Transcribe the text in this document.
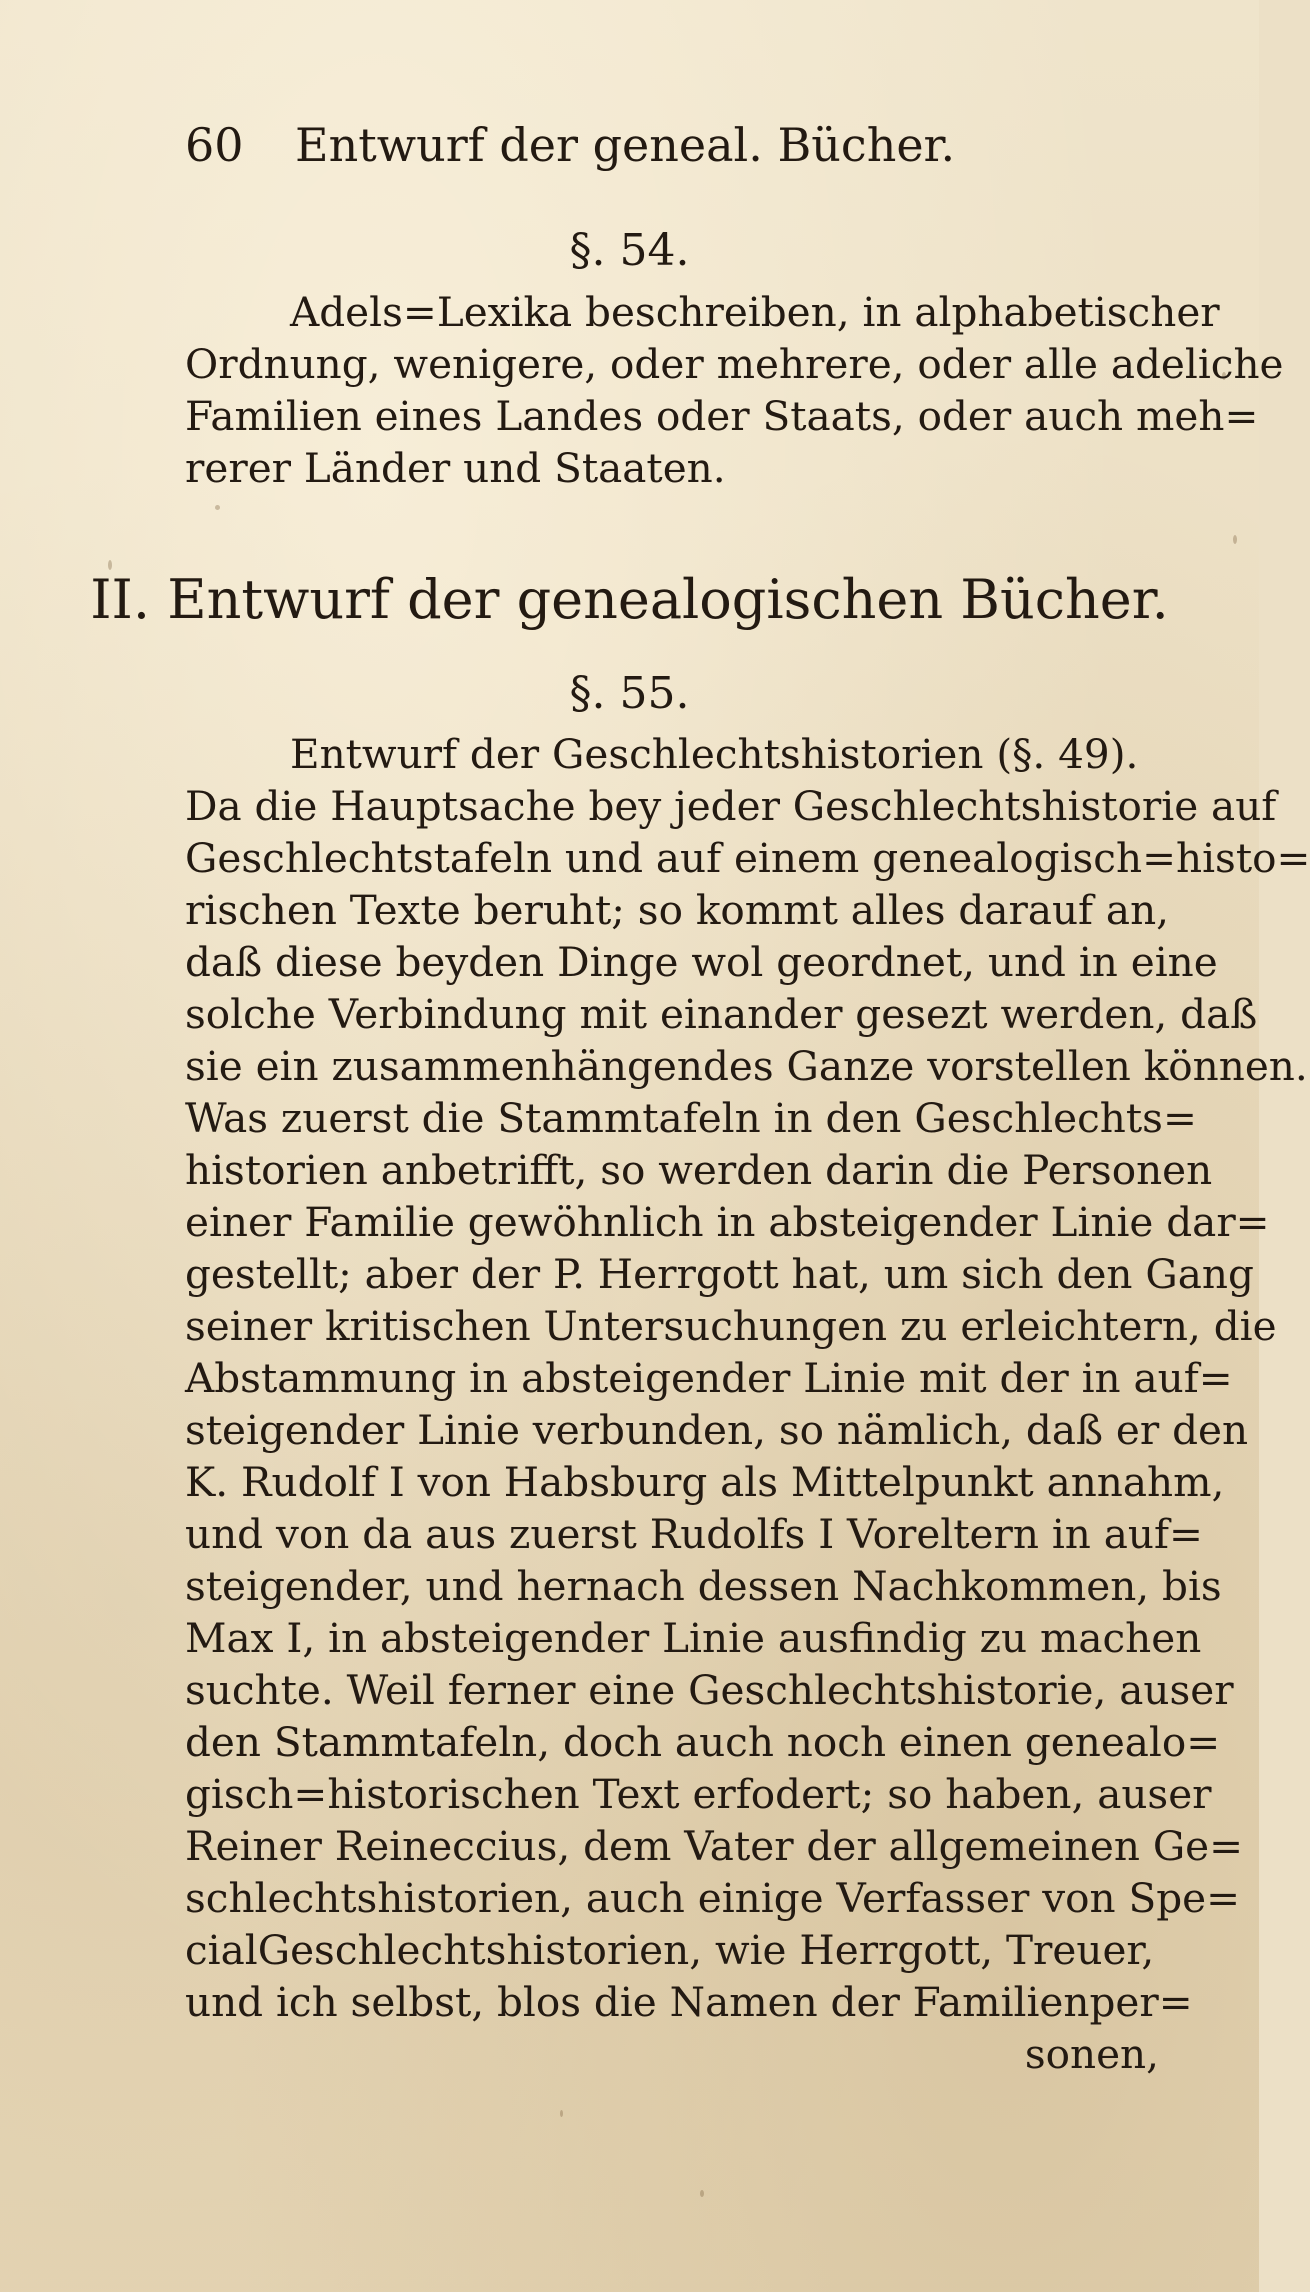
60 Entwurf der geneal. Bücher.
§. 54.
Adels=Lexika beschreiben, in alphabetischer
Ordnung, wenigere, oder mehrere, oder alle adeliche
Familien eines Landes oder Staats, oder auch meh=
rerer Länder und Staaten.
II. Entwurf der genealogischen Bücher.
§. 55.
Entwurf der Geschlechtshistorien (§. 49).
Da die Hauptsache bey jeder Geschlechtshistorie auf
Geschlechtstafeln und auf einem genealogisch=histo=
rischen Texte beruht; so kommt alles darauf an,
daß diese beyden Dinge wol geordnet, und in eine
solche Verbindung mit einander gesezt werden, daß
sie ein zusammenhängendes Ganze vorstellen können.
Was zuerst die Stammtafeln in den Geschlechts=
historien anbetrifft, so werden darin die Personen
einer Familie gewöhnlich in absteigender Linie dar=
gestellt; aber der P. Herrgott hat, um sich den Gang
seiner kritischen Untersuchungen zu erleichtern, die
Abstammung in absteigender Linie mit der in auf=
steigender Linie verbunden, so nämlich, daß er den
K. Rudolf I von Habsburg als Mittelpunkt annahm,
und von da aus zuerst Rudolfs I Voreltern in auf=
steigender, und hernach dessen Nachkommen, bis
Max I, in absteigender Linie ausfindig zu machen
suchte. Weil ferner eine Geschlechtshistorie, auser
den Stammtafeln, doch auch noch einen genealo=
gisch=historischen Text erfodert; so haben, auser
Reiner Reineccius, dem Vater der allgemeinen Ge=
schlechtshistorien, auch einige Verfasser von Spe=
cialGeschlechtshistorien, wie Herrgott, Treuer,
und ich selbst, blos die Namen der Familienper=
sonen,
